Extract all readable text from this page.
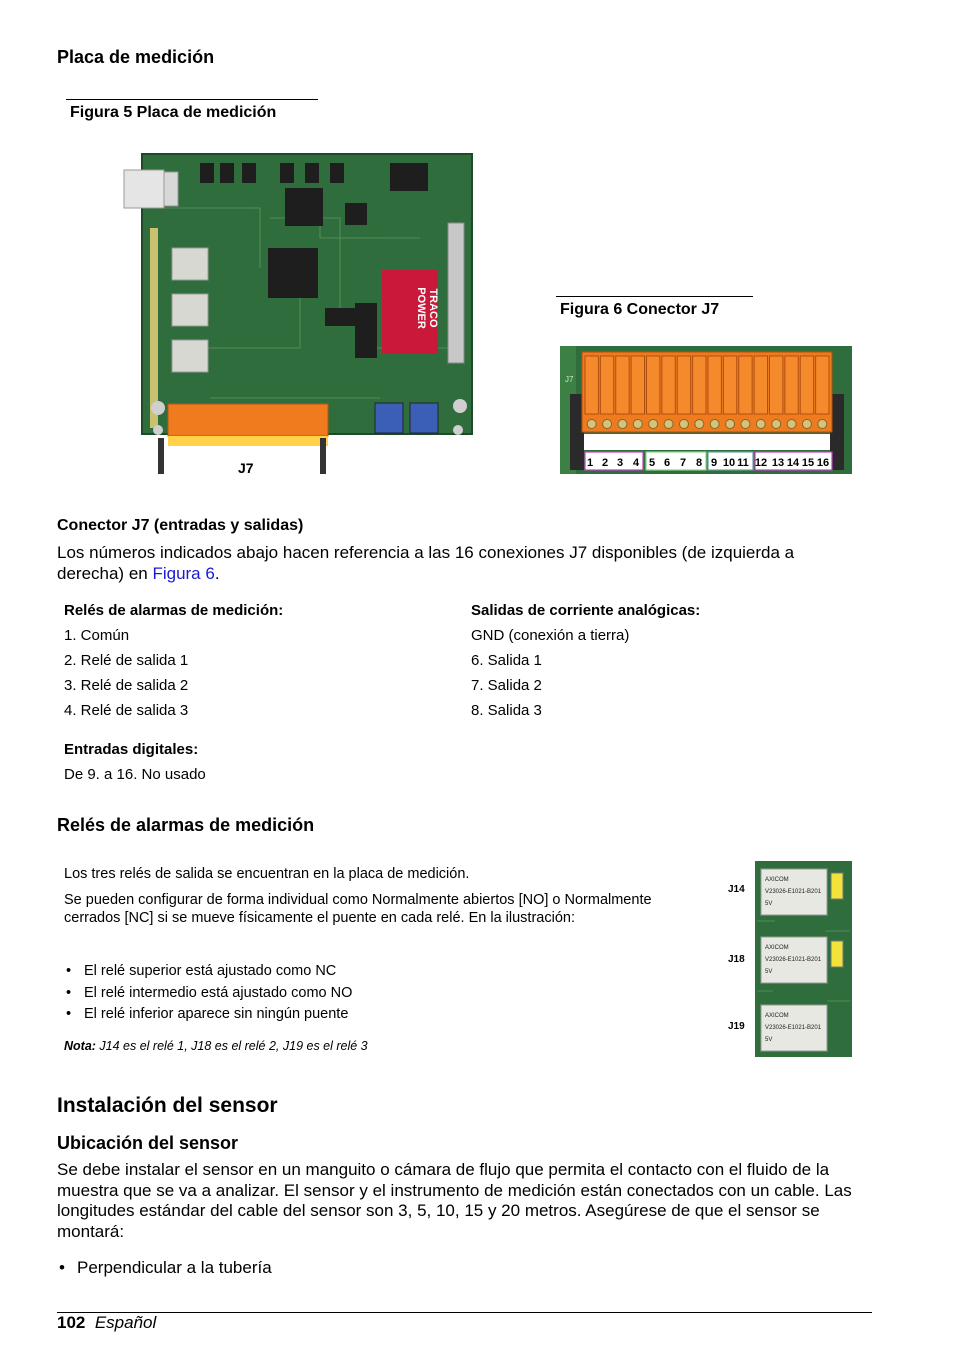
Placa de medición
Figura 5 Placa de medición
TRACO
POWER
J7
Figura 6 Conector J7
J7
1 2 3 4 5 6 7 8 9 10 11 12 13 14 15 16
Conector J7 (entradas y salidas)
Los números indicados abajo hacen referencia a las 16 conexiones J7 disponibles (de izquierda a derecha) en Figura 6.
Relés de alarmas de medición:	Salidas de corriente analógicas:
1. Común
2. Relé de salida 1
3. Relé de salida 2
4. Relé de salida 3
GND (conexión a tierra)
6. Salida 1
7. Salida 2
8. Salida 3
Entradas digitales:
De 9. a 16. No usado
Relés de alarmas de medición
Los tres relés de salida se encuentran en la placa de medición.
Se pueden configurar de forma individual como Normalmente abiertos [NO] o Normalmente cerrados [NC] si se mueve físicamente el puente en cada relé. En la ilustración:
• El relé superior está ajustado como NC
• El relé intermedio está ajustado como NO
• El relé inferior aparece sin ningún puente
Nota: J14 es el relé 1, J18 es el relé 2, J19 es el relé 3
J14
J18
J19
AXICOM
V23026-E1021-B201
5V
AXICOM
V23026-E1021-B201
5V
AXICOM
V23026-E1021-B201
5V
Instalación del sensor
Ubicación del sensor
Se debe instalar el sensor en un manguito o cámara de flujo que permita el contacto con el fluido de la muestra que se va a analizar. El sensor y el instrumento de medición están conectados con un cable. Las longitudes estándar del cable del sensor son 3, 5, 10, 15 y 20 metros. Asegúrese de que el sensor se montará:
• Perpendicular a la tubería
102 Español
